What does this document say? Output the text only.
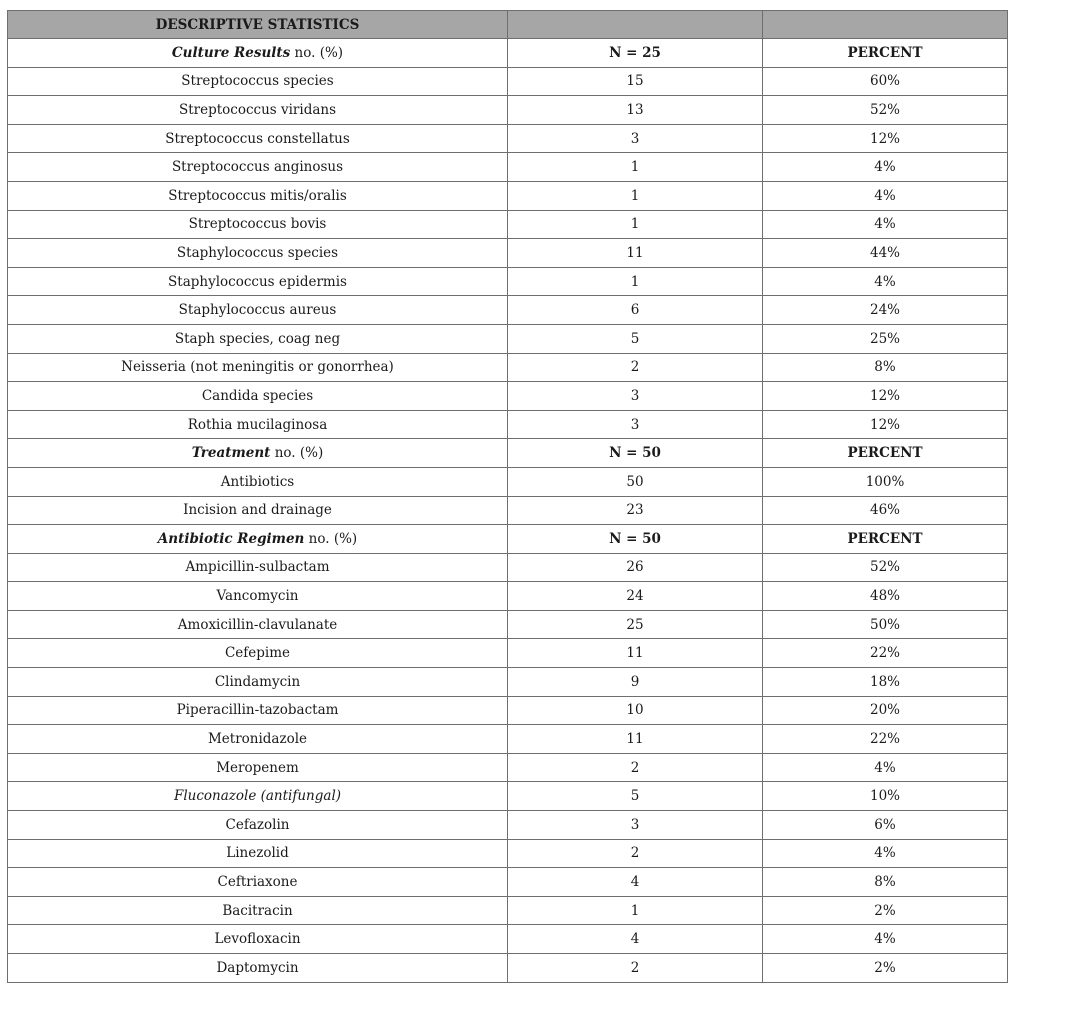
DESCRIPTIVE STATISTICS		
Culture Results no. (%)	N = 25	PERCENT
Streptococcus species	15	60%
Streptococcus viridans	13	52%
Streptococcus constellatus	3	12%
Streptococcus anginosus	1	4%
Streptococcus mitis/oralis	1	4%
Streptococcus bovis	1	4%
Staphylococcus species	11	44%
Staphylococcus epidermis	1	4%
Staphylococcus aureus	6	24%
Staph species, coag neg	5	25%
Neisseria (not meningitis or gonorrhea)	2	8%
Candida species	3	12%
Rothia mucilaginosa	3	12%
Treatment no. (%)	N = 50	PERCENT
Antibiotics	50	100%
Incision and drainage	23	46%
Antibiotic Regimen no. (%)	N = 50	PERCENT
Ampicillin-sulbactam	26	52%
Vancomycin	24	48%
Amoxicillin-clavulanate	25	50%
Cefepime	11	22%
Clindamycin	9	18%
Piperacillin-tazobactam	10	20%
Metronidazole	11	22%
Meropenem	2	4%
Fluconazole (antifungal)	5	10%
Cefazolin	3	6%
Linezolid	2	4%
Ceftriaxone	4	8%
Bacitracin	1	2%
Levofloxacin	4	4%
Daptomycin	2	2%
